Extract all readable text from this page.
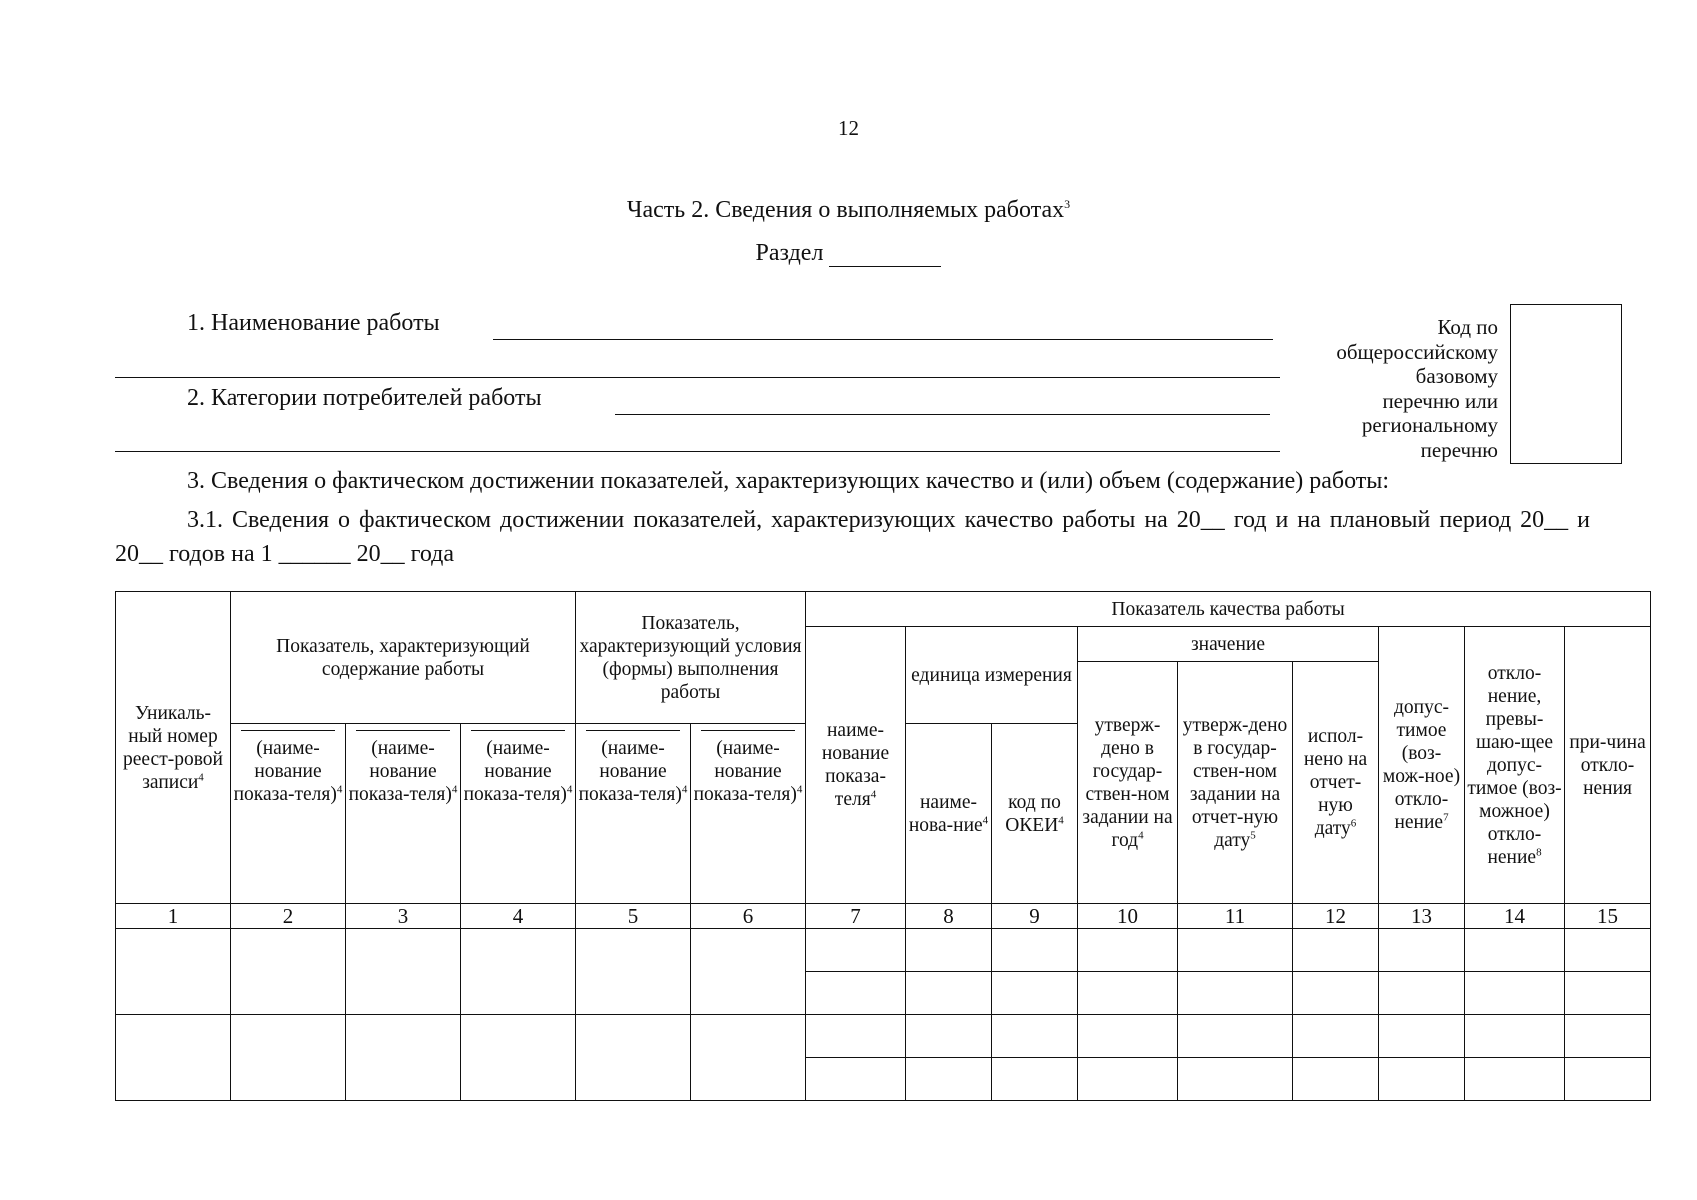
12
Часть 2. Сведения о выполняемых работах$^3$
Раздел
1. Наименование работы
2. Категории потребителей работы
Код по
общероссийскому
базовому
перечню или
региональному
перечню
3. Сведения о фактическом достижении показателей, характеризующих качество и (или) объем (содержание) работы:
3.1. Сведения о фактическом достижении показателей, характеризующих качество работы на 20__ год и на плановый период 20__ и 20__ годов на 1 ______ 20__ года
Уникаль-ный номер реест-ровой записи$^4$	Показатель, характеризующий содержание работы			Показатель, характеризующий условия (формы) выполнения работы		Показатель качества работы								
						наиме-нование показа-теля$^4$	единица измерения		значение			допус-тимое (воз-мож-ное) откло-нение$^7$	откло-нение, превы-шаю-щее допус-тимое (воз-можное) откло-нение$^8$	при-чина откло-нения
									утверж-дено в государ-ствен-ном задании на год$^4$	утверж-дено в государ-ствен-ном задании на отчет-ную дату$^5$	испол-нено на отчет-ную дату$^6$

(наиме-нование показа-теля)$^4$	(наиме-нование показа-теля)$^4$	(наиме-нование показа-теля)$^4$	(наиме-нование показа-теля)$^4$	(наиме-нование показа-теля)$^4$		наиме-нова-ние$^4$	код по ОКЕИ$^4$
1	2	3	4	5	6	7	8	9	10	11	12	13	14	15
